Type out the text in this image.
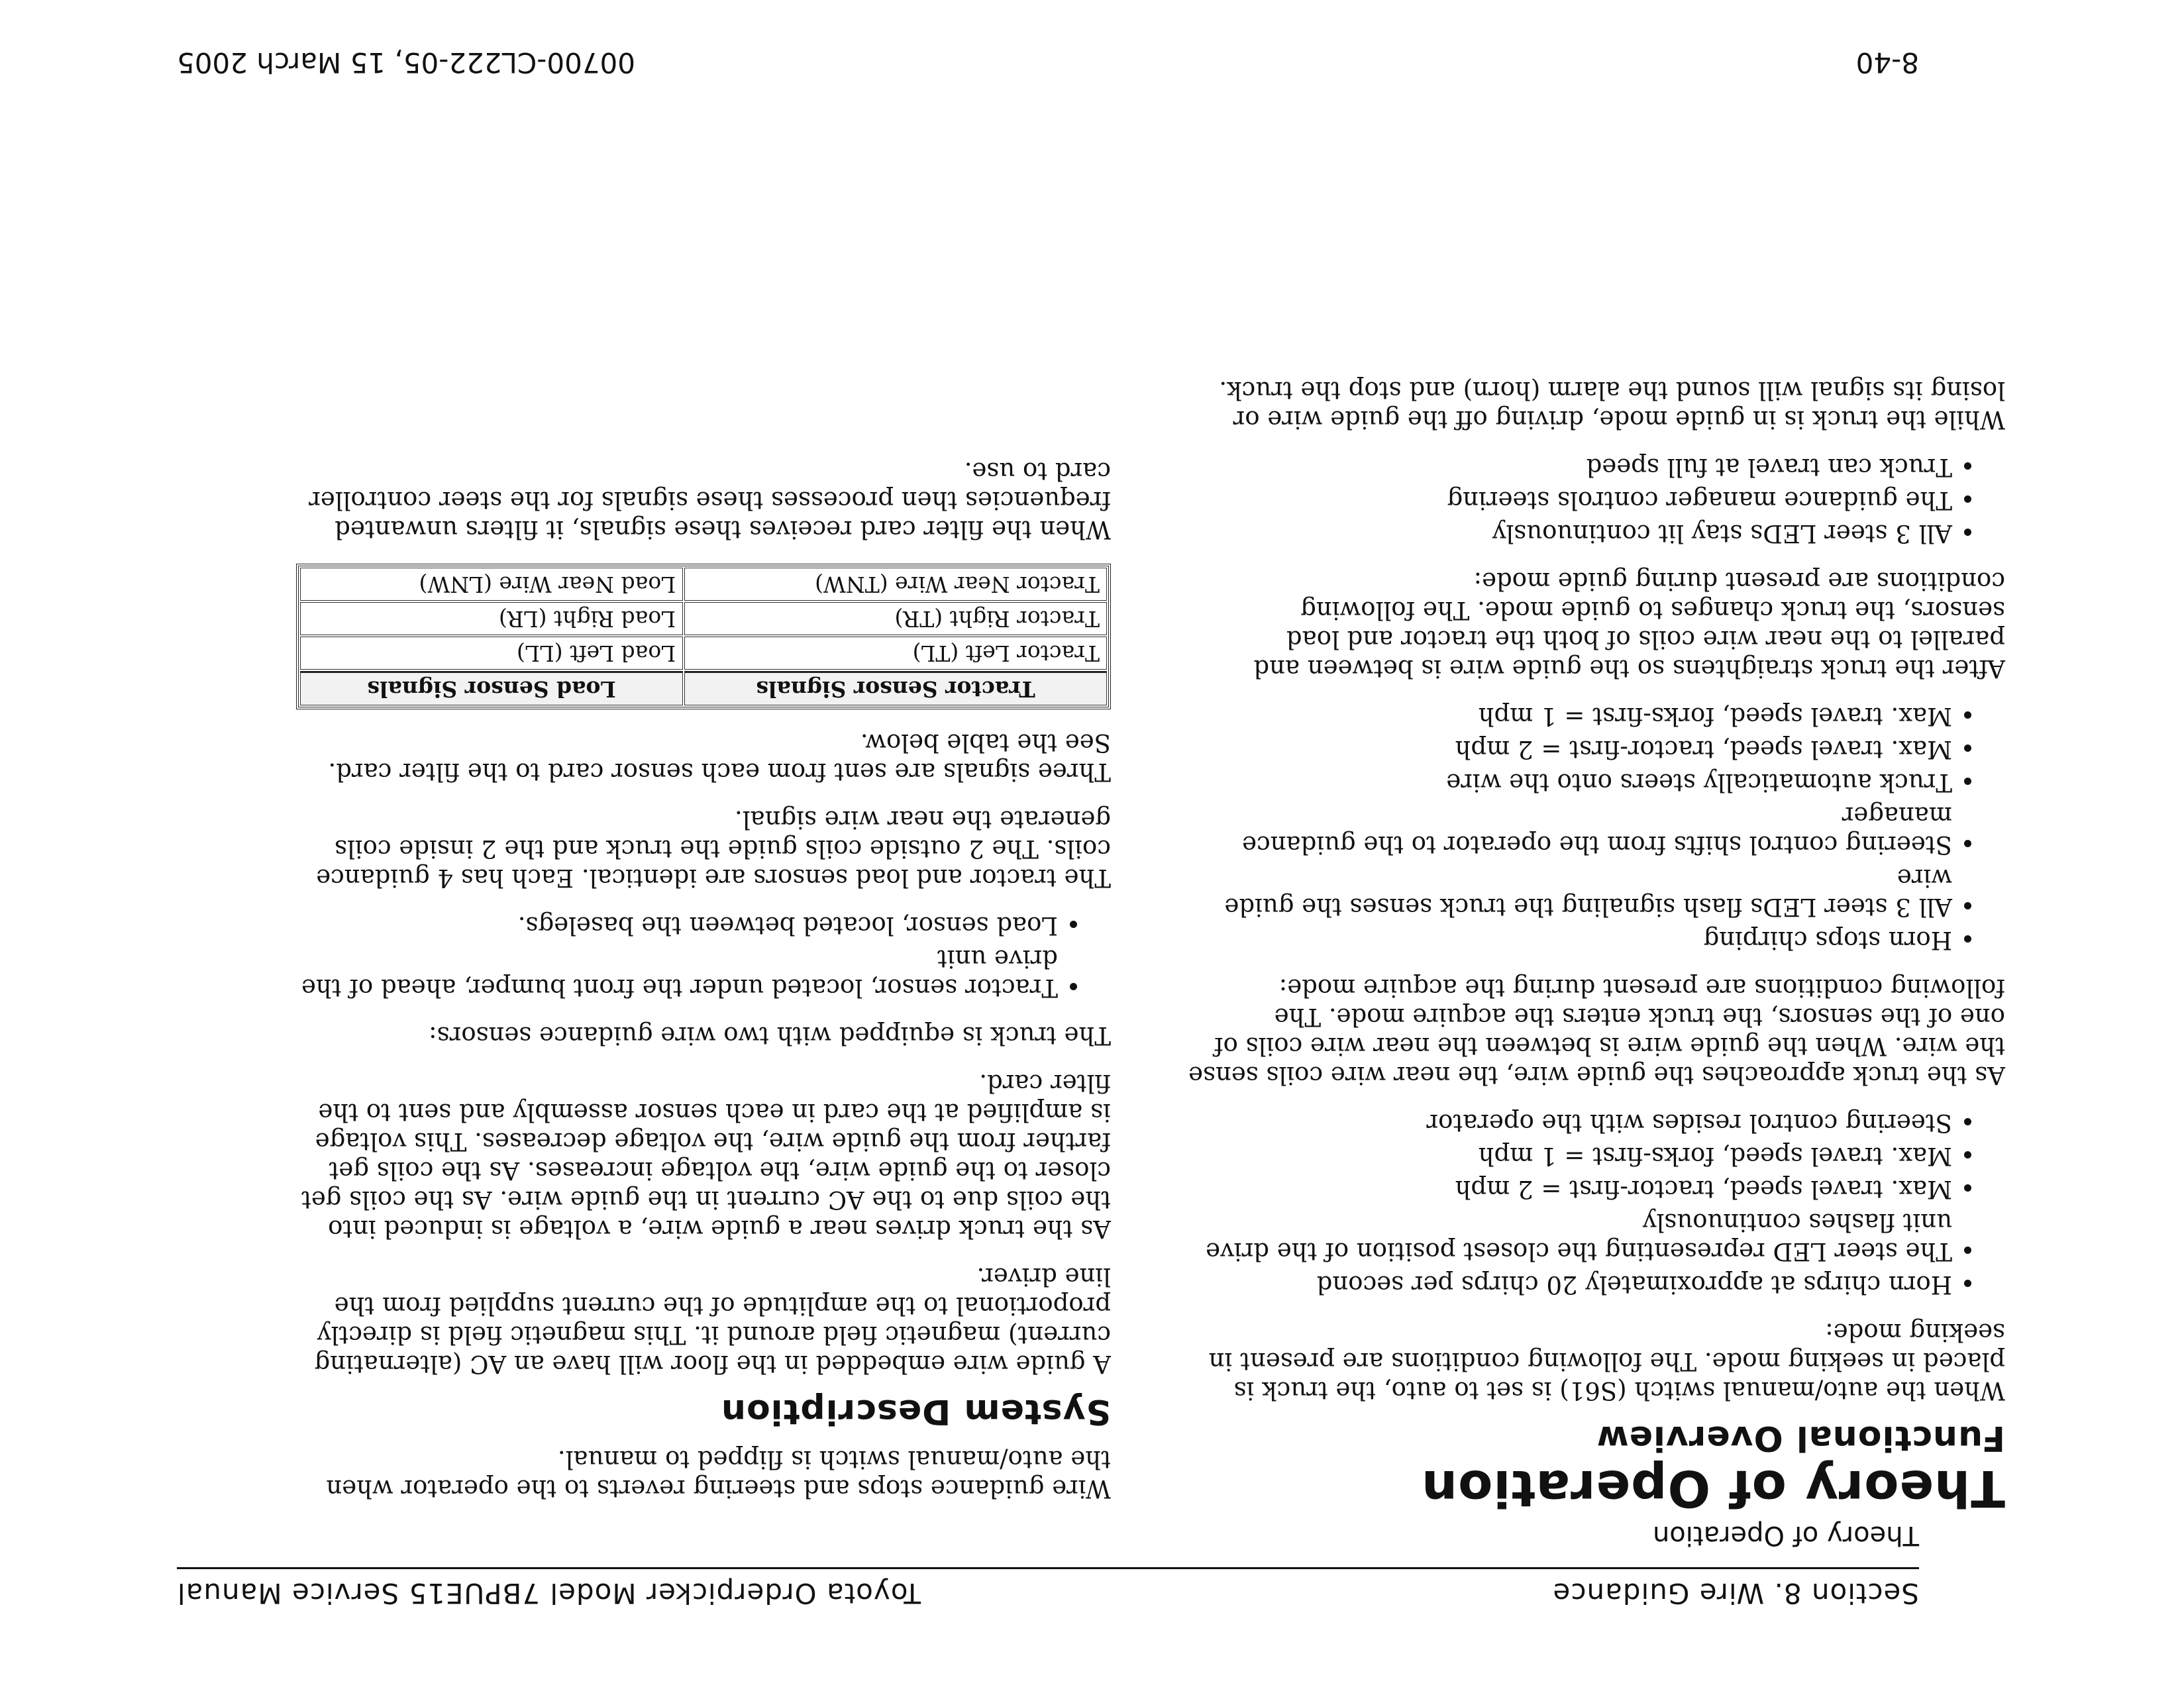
Section 8. Wire Guidance
Toyota Orderpicker Model 7BPUE15 Service Manual
Theory of Operation
Theory of Operation
Functional Overview

When the auto/manual switch (S61) is set to auto, the truck is placed in seeking mode. The following conditions are present in seeking mode:

• Horn chirps at approximately 20 chirps per second
• The steer LED representing the closest position of the drive unit flashes continuously
• Max. travel speed, tractor-first = 2 mph
• Max. travel speed, forks-first = 1 mph
• Steering control resides with the operator

As the truck approaches the guide wire, the near wire coils sense the wire. When the guide wire is between the near wire coils of one of the sensors, the truck enters the acquire mode. The following conditions are present during the acquire mode:

• Horn stops chirping
• All 3 steer LEDs flash signaling the truck senses the guide wire
• Steering control shifts from the operator to the guidance manager
• Truck automatically steers onto the wire
• Max. travel speed, tractor-first = 2 mph
• Max. travel speed, forks-first = 1 mph

After the truck straightens so the guide wire is between and parallel to the near wire coils of both the tractor and load sensors, the truck changes to guide mode. The following conditions are present during guide mode:

• All 3 steer LEDs stay lit continuously
• The guidance manager controls steering
• Truck can travel at full speed

While the truck is in guide mode, driving off the guide wire or losing its signal will sound the alarm (horn) and stop the truck.

Wire guidance stops and steering reverts to the operator when the auto/manual switch is flipped to manual.

System Description

A guide wire embedded in the floor will have an AC (alternating current) magnetic field around it. This magnetic field is directly proportional to the amplitude of the current supplied from the line driver.

As the truck drives near a guide wire, a voltage is induced into the coils due to the AC current in the guide wire. As the coils get closer to the guide wire, the voltage increases. As the coils get farther from the guide wire, the voltage decreases. This voltage is amplified at the card in each sensor assembly and sent to the filter card.

The truck is equipped with two wire guidance sensors:

• Tractor sensor, located under the front bumper, ahead of the drive unit
• Load sensor, located between the baselegs.

The tractor and load sensors are identical. Each has 4 guidance coils. The 2 outside coils guide the truck and the 2 inside coils generate the near wire signal.

Three signals are sent from each sensor card to the filter card. See the table below.

Tractor Sensor Signals	Load Sensor Signals
Tractor Left (TL)	Load Left (LL)
Tractor Right (TR)	Load Right (LR)
Tractor Near Wire (TNW)	Load Near Wire (LNW)

When the filter card receives these signals, it filters unwanted frequencies then processes these signals for the steer controller card to use.

8-40
00700-CL222-05, 15 March 2005
